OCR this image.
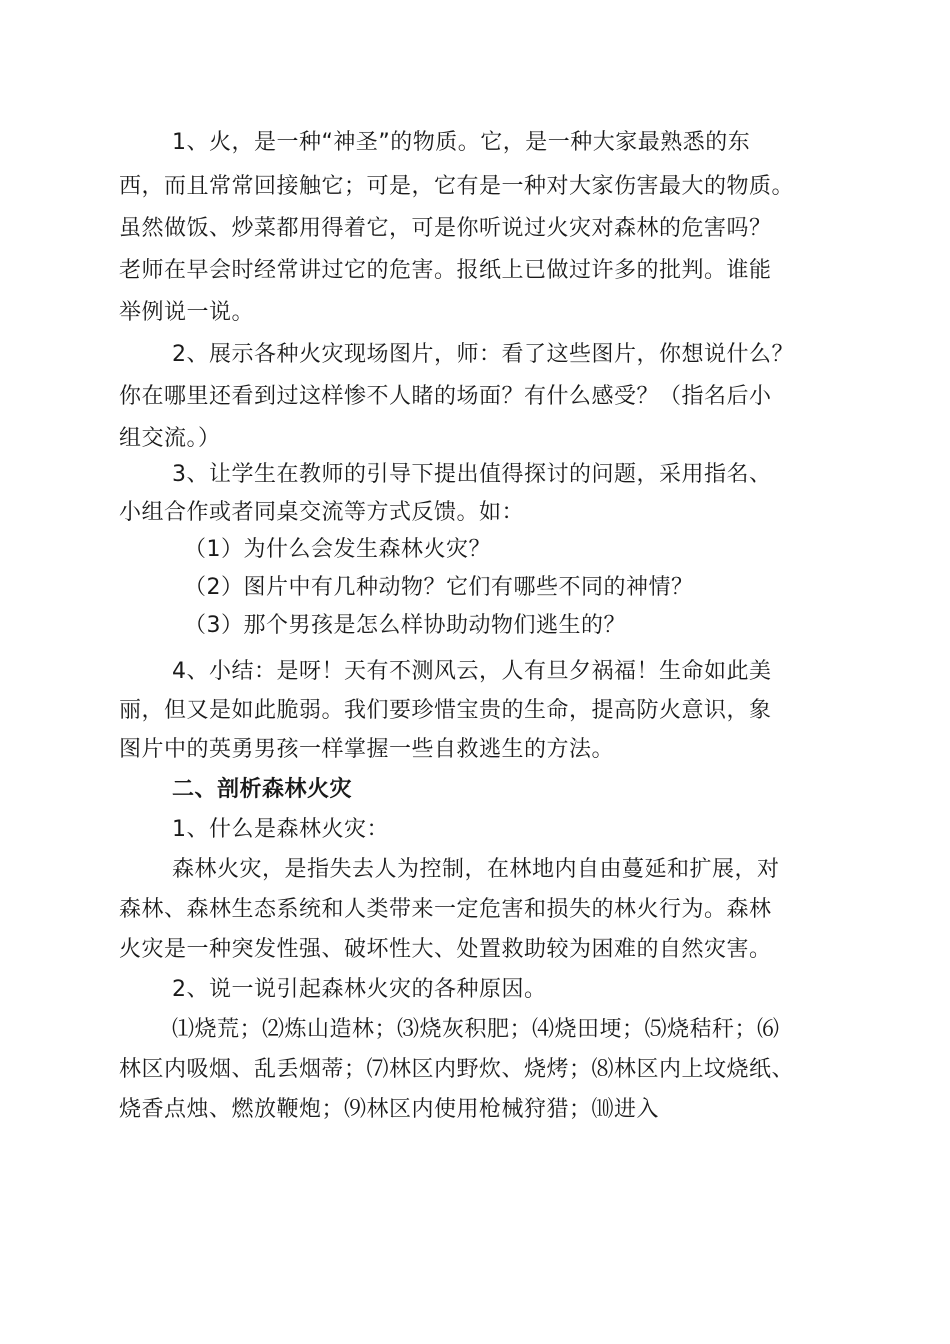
1、火，是一种“神圣”的物质。它，是一种大家最熟悉的东
西，而且常常回接触它；可是，它有是一种对大家伤害最大的物质。
虽然做饭、炒菜都用得着它，可是你听说过火灾对森林的危害吗？
老师在早会时经常讲过它的危害。报纸上已做过许多的批判。谁能
举例说一说。
2、展示各种火灾现场图片，师：看了这些图片，你想说什么？
你在哪里还看到过这样惨不人睹的场面？有什么感受？（指名后小
组交流。）
3、让学生在教师的引导下提出值得探讨的问题，采用指名、
小组合作或者同桌交流等方式反馈。如：
（1）为什么会发生森林火灾？
（2）图片中有几种动物？它们有哪些不同的神情？
（3）那个男孩是怎么样协助动物们逃生的？
4、小结：是呀！天有不测风云，人有旦夕祸福！生命如此美
丽，但又是如此脆弱。我们要珍惜宝贵的生命，提高防火意识，象
图片中的英勇男孩一样掌握一些自救逃生的方法。
二、剖析森林火灾
1、什么是森林火灾：
森林火灾，是指失去人为控制，在林地内自由蔓延和扩展，对
森林、森林生态系统和人类带来一定危害和损失的林火行为。森林
火灾是一种突发性强、破坏性大、处置救助较为困难的自然灾害。
2、说一说引起森林火灾的各种原因。
⑴烧荒；⑵炼山造林；⑶烧灰积肥；⑷烧田埂；⑸烧秸秆；⑹
林区内吸烟、乱丢烟蒂；⑺林区内野炊、烧烤；⑻林区内上坟烧纸、
烧香点烛、燃放鞭炮；⑼林区内使用枪械狩猎；⑽进入
